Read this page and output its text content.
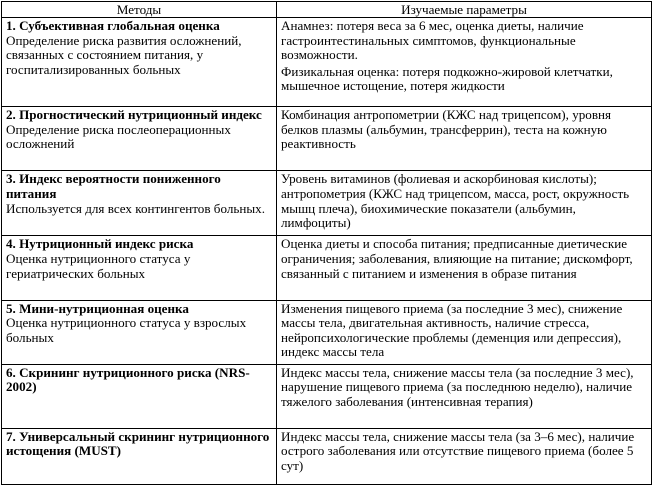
Методы	Изучаемые параметры

1. Субъективная глобальная оценка
Определение риска развития осложнений, связанных с состоянием питания, у госпитализированных больных	Анамнез: потеря веса за 6 мес, оценка диеты, наличие гастроинтестинальных симптомов, функциональные возможности.
Физикальная оценка: потеря подкожно-жировой клетчатки, мышечное истощение, потеря жидкости

2. Прогностический нутриционный индекс
Определение риска послеоперационных осложнений	Комбинация антропометрии (КЖС над трицепсом), уровня белков плазмы (альбумин, трансферрин), теста на кожную реактивность

3. Индекс вероятности пониженного питания
Используется для всех контингентов больных.	Уровень витаминов (фолиевая и аскорбиновая кислоты); антропометрия (КЖС над трицепсом, масса, рост, окружность мышц плеча), биохимические показатели (альбумин, лимфоциты)

4. Нутриционный индекс риска
Оценка нутриционного статуса у гериатрических больных	Оценка диеты и способа питания; предписанные диетические ограничения; заболевания, влияющие на питание; дискомфорт, связанный с питанием и изменения в образе питания

5. Мини-нутриционная оценка
Оценка нутриционного статуса у взрослых больных	Изменения пищевого приема (за последние 3 мес), снижение массы тела, двигательная активность, наличие стресса, нейропсихологические проблемы (деменция или депрессия), индекс массы тела

6. Скрининг нутриционного риска (NRS-2002)	Индекс массы тела, снижение массы тела (за последние 3 мес), нарушение пищевого приема (за последнюю неделю), наличие тяжелого заболевания (интенсивная терапия)

7. Универсальный скрининг нутриционного истощения (MUST)	Индекс массы тела, снижение массы тела (за 3–6 мес), наличие острого заболевания или отсутствие пищевого приема (более 5 сут)
